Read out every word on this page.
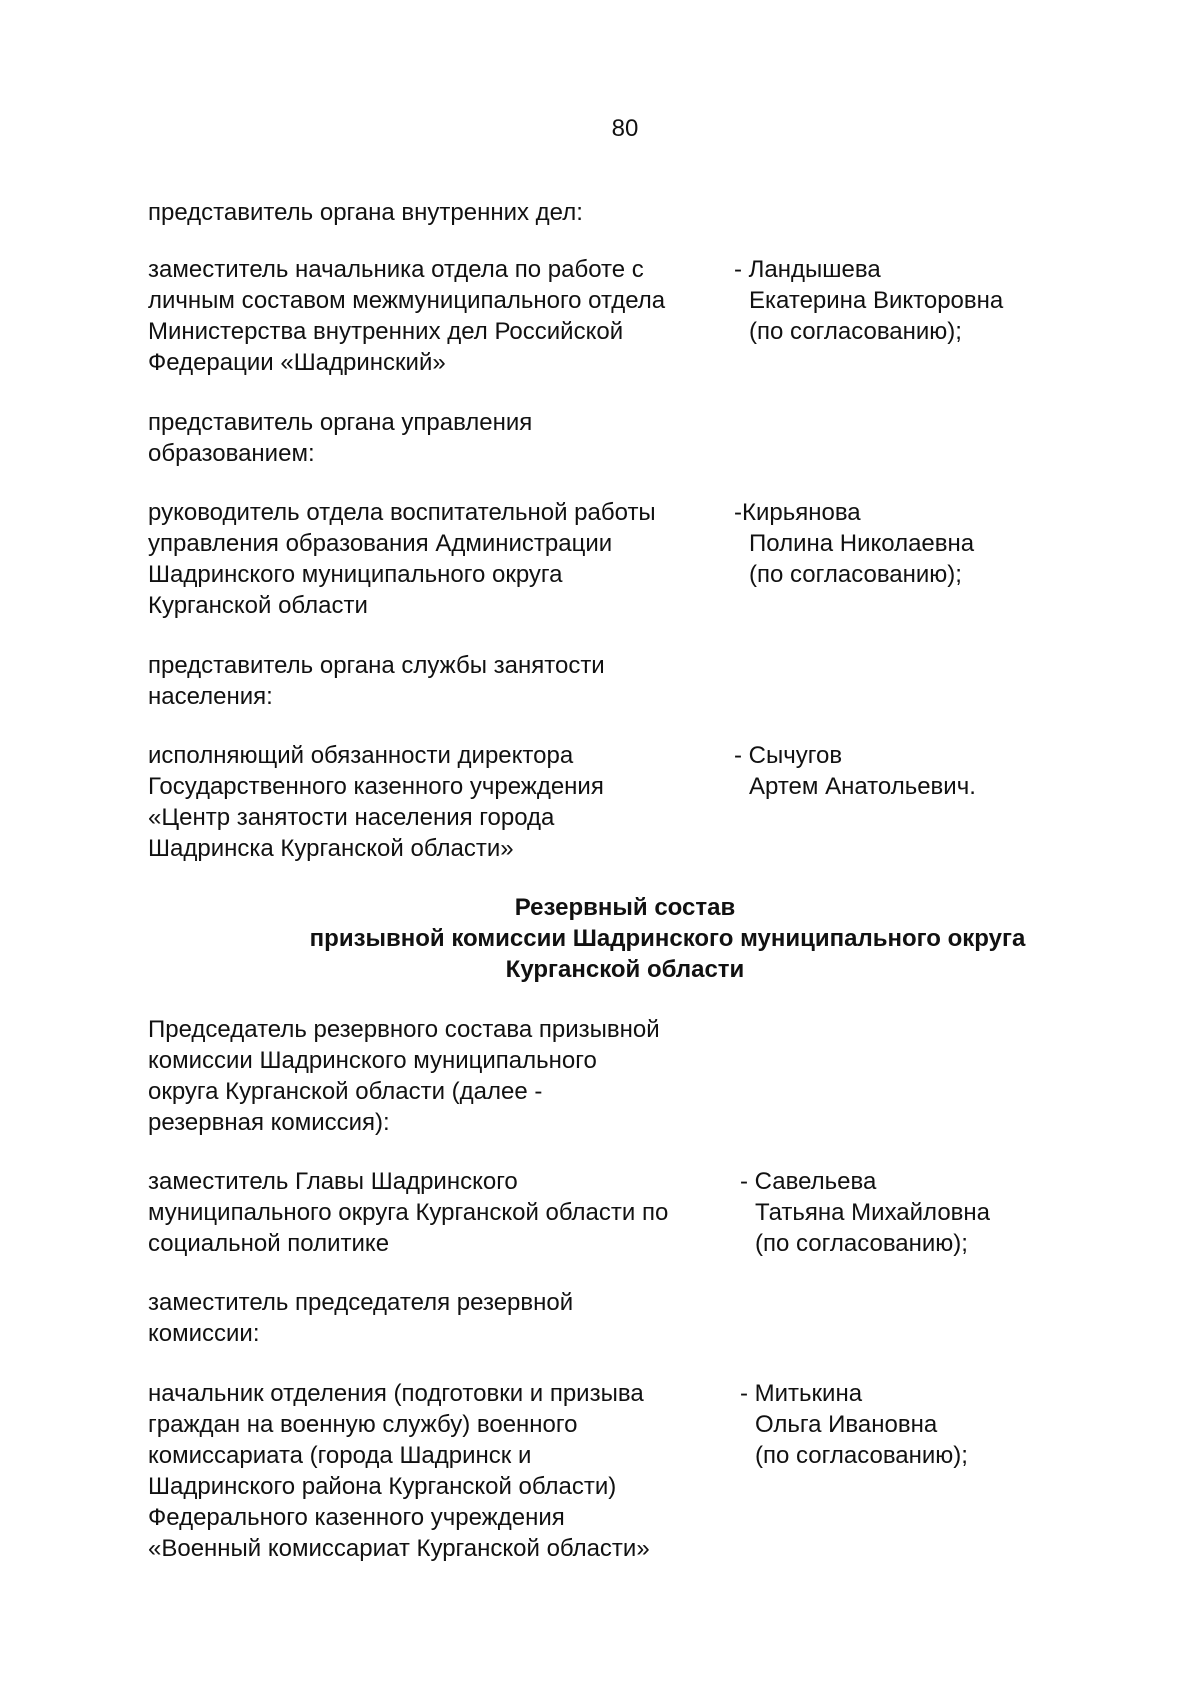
80
представитель органа внутренних дел:
заместитель начальника отдела по работе с
личным составом межмуниципального отдела
Министерства внутренних дел Российской
Федерации «Шадринский»
- Ландышева
Екатерина Викторовна
(по согласованию);
представитель органа управления
образованием:
руководитель отдела воспитательной работы
управления образования Администрации
Шадринского муниципального округа
Курганской области
-Кирьянова
Полина Николаевна
(по согласованию);
представитель органа службы занятости
населения:
исполняющий обязанности директора
Государственного казенного учреждения
«Центр занятости населения города
Шадринска Курганской области»
- Сычугов
Артем Анатольевич.
Резервный состав
призывной комиссии Шадринского муниципального округа
Курганской области
Председатель резервного состава призывной
комиссии Шадринского муниципального
округа Курганской области (далее -
резервная комиссия):
заместитель Главы Шадринского
муниципального округа Курганской области по
социальной политике
- Савельева
Татьяна Михайловна
(по согласованию);
заместитель председателя резервной
комиссии:
начальник отделения (подготовки и призыва
граждан на военную службу) военного
комиссариата (города Шадринск и
Шадринского района Курганской области)
Федерального казенного учреждения
«Военный комиссариат Курганской области»
- Митькина
Ольга Ивановна
(по согласованию);
